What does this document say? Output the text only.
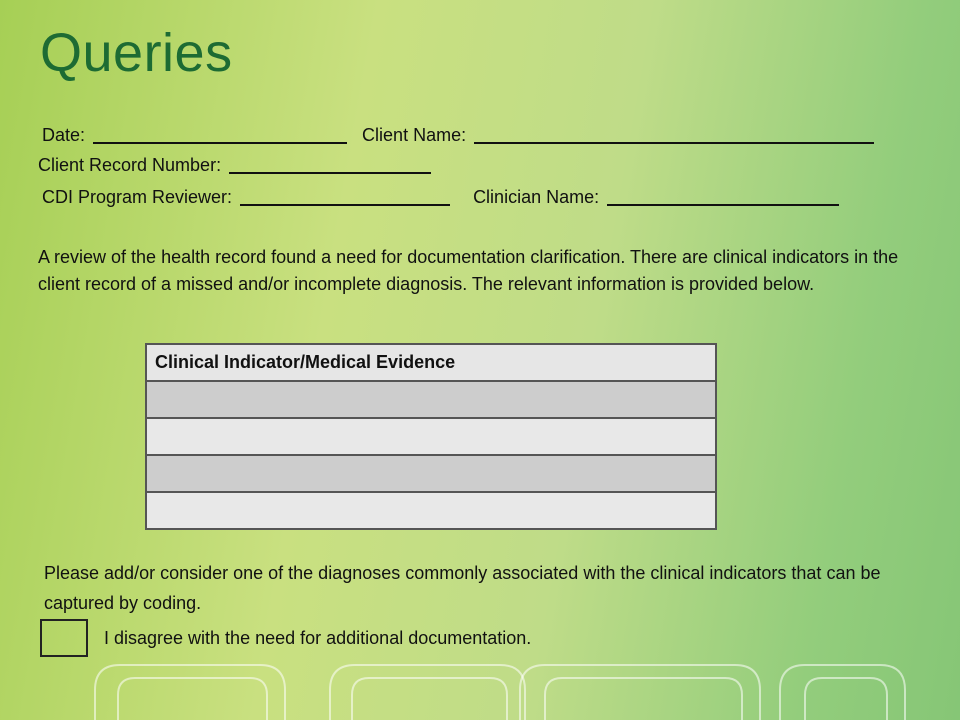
Queries
Date:	Client Name:
Client Record Number:
CDI Program Reviewer:	Clinician Name:
A review of the health record found a need for documentation clarification. There are clinical indicators in the client record of a missed and/or incomplete diagnosis. The relevant information is provided below.
Clinical Indicator/Medical Evidence

Please add/or consider one of the diagnoses commonly associated with the clinical indicators that can be captured by coding.
I disagree with the need for additional documentation.
